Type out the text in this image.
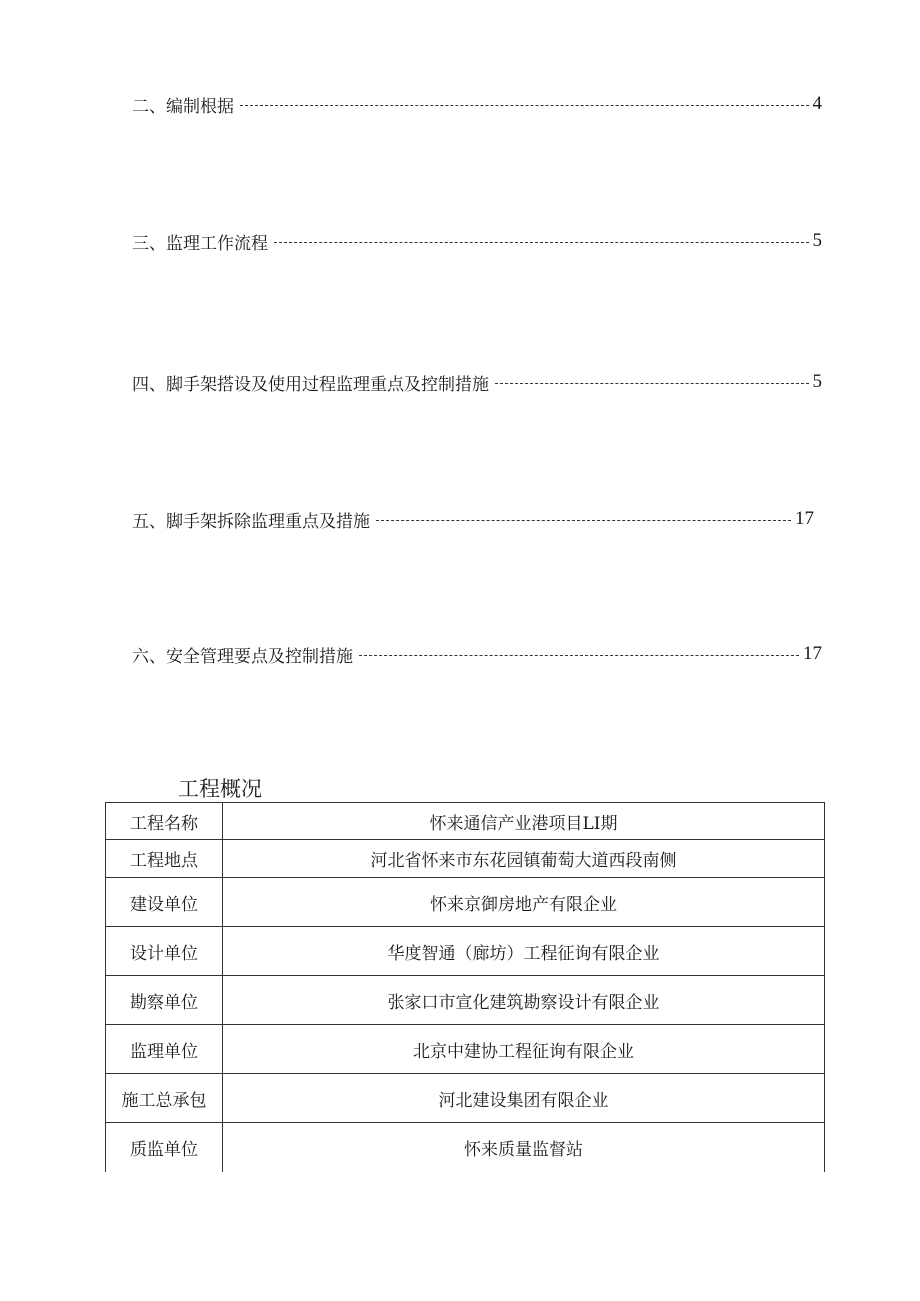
二、编制根据	4
三、监理工作流程	5
四、脚手架搭设及使用过程监理重点及控制措施	5
五、脚手架拆除监理重点及措施	17
六、安全管理要点及控制措施	17
工程概况
工程名称	怀来通信产业港项目LI期
工程地点	河北省怀来市东花园镇葡萄大道西段南侧
建设单位	怀来京御房地产有限企业
设计单位	华度智通（廊坊）工程征询有限企业
勘察单位	张家口市宣化建筑勘察设计有限企业
监理单位	北京中建协工程征询有限企业
施工总承包	河北建设集团有限企业
质监单位	怀来质量监督站
